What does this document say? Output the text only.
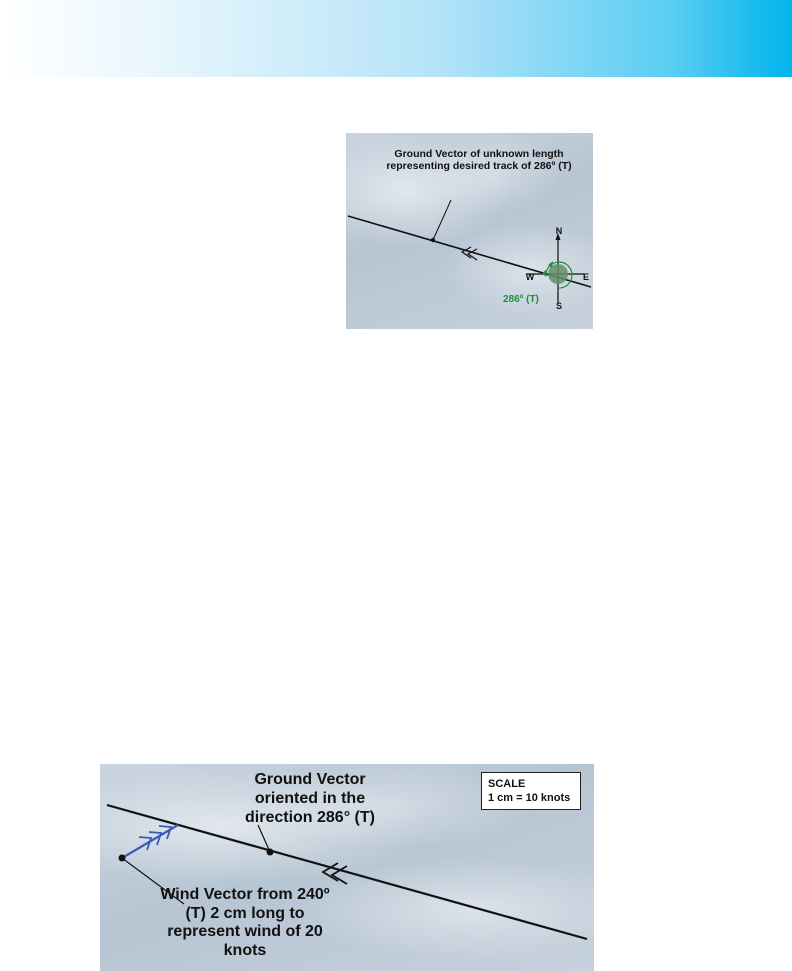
Ground Vector of unknown length representing desired track of 286º (T)
N
W	E
S
286º (T)
Ground Vector oriented in the direction 286° (T)
Wind Vector from 240º (T) 2 cm long to represent wind of 20 knots
SCALE
1 cm = 10 knots
